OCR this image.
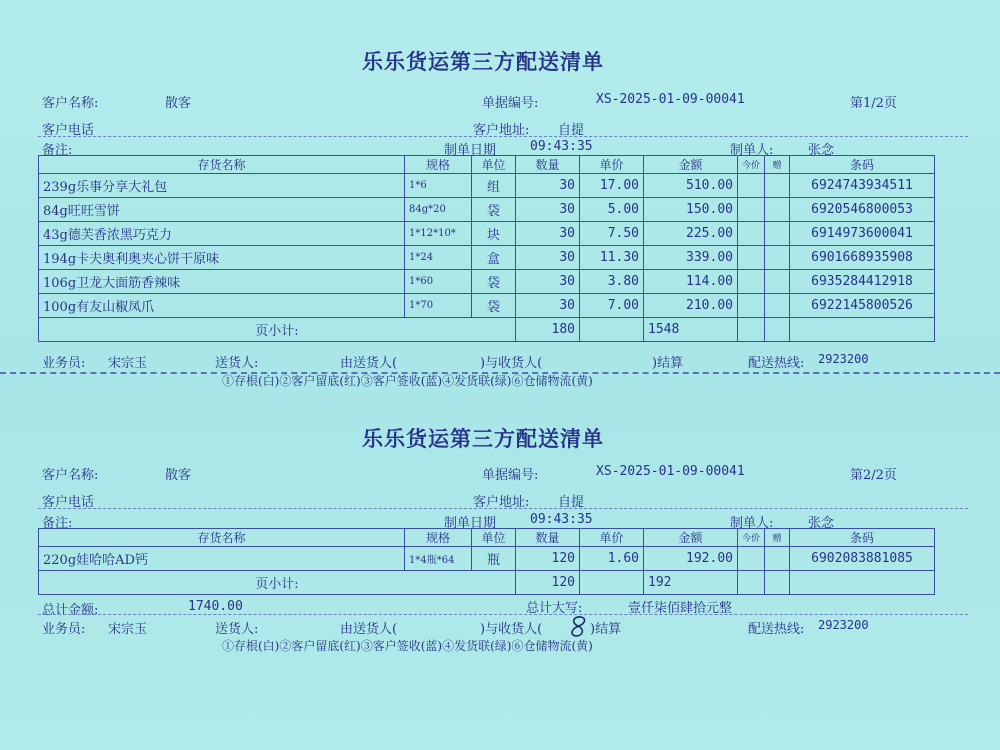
乐乐货运第三方配送清单
客户名称:	散客	单据编号:	XS-2025-01-09-00041	第1/2页
客户电话	客户地址: 自提
备注:	制单日期	09:43:35	制单人:	张念
存货名称	规格	单位	数量	单价	金额	今价	赠	条码
239g乐事分享大礼包	1*6	组	30	17.00	510.00			6924743934511
84g旺旺雪饼	84g*20	袋	30	5.00	150.00			6920546800053
43g德芙香浓黑巧克力	1*12*10*	块	30	7.50	225.00			6914973600041
194g卡夫奥利奥夹心饼干原味	1*24	盒	30	11.30	339.00			6901668935908
106g卫龙大面筋香辣味	1*60	袋	30	3.80	114.00			6935284412918
100g有友山椒凤爪	1*70	袋	30	7.00	210.00			6922145800526
页小计:			180		1548			
业务员: 宋宗玉	送货人:	由送货人(	)与收货人(	)结算	配送热线: 2923200
①存根(白)②客户留底(红)③客户签收(蓝)④发货联(绿)⑥仓储物流(黄)
乐乐货运第三方配送清单
客户名称:	散客	单据编号:	XS-2025-01-09-00041	第2/2页
客户电话	客户地址: 自提
备注:	制单日期	09:43:35	制单人:	张念
存货名称	规格	单位	数量	单价	金额	今价	赠	条码
220g娃哈哈AD钙	1*4瓶*64	瓶	120	1.60	192.00			6902083881085
页小计:			120		192			
总计金额:	1740.00	总计大写:	壹仟柒佰肆拾元整
业务员: 宋宗玉	送货人:	由送货人(	)与收货人(	)结算	配送热线: 2923200
①存根(白)②客户留底(红)③客户签收(蓝)④发货联(绿)⑥仓储物流(黄)
